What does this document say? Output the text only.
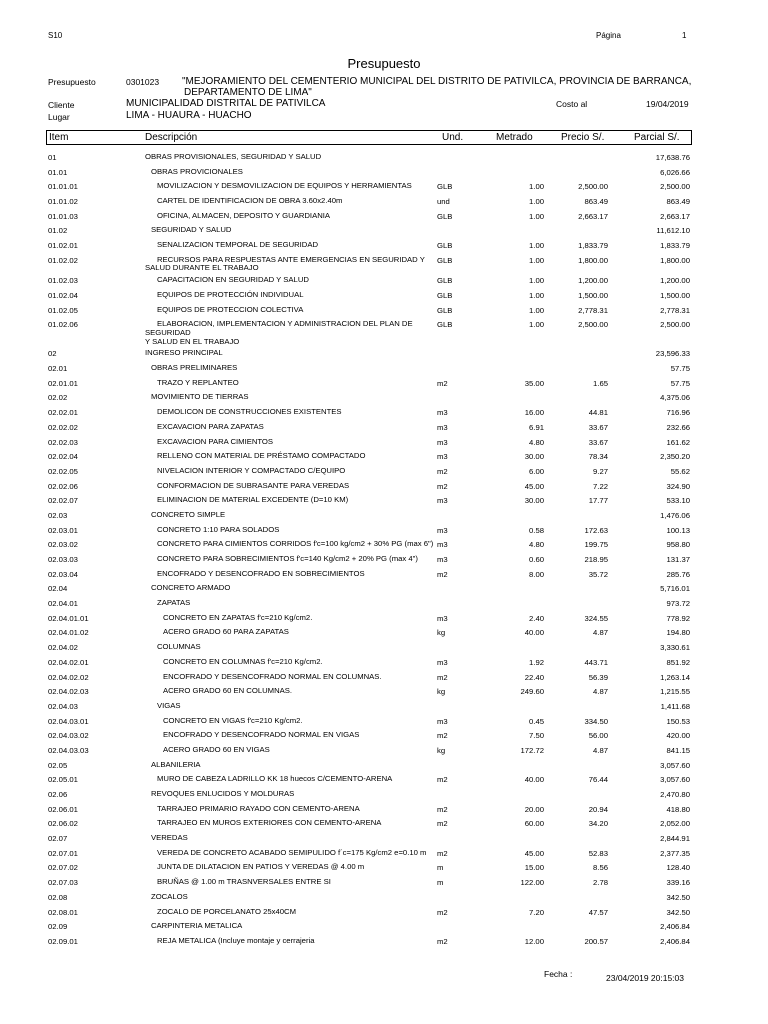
S10	Página	1
Presupuesto
Presupuesto	0301023 "MEJORAMIENTO DEL CEMENTERIO MUNICIPAL DEL DISTRITO DE PATIVILCA, PROVINCIA DE BARRANCA,
DEPARTAMENTO DE LIMA"
Cliente	MUNICIPALIDAD DISTRITAL DE PATIVILCA	Costo al	19/04/2019
Lugar	LIMA - HUAURA - HUACHO
Item	Descripción	Und.	Metrado	Precio S/.	Parcial S/.
01	OBRAS PROVISIONALES, SEGURIDAD Y SALUD	17,638.76
01.01	OBRAS PROVICIONALES	6,026.66
01.01.01	MOVILIZACION Y DESMOVILIZACION DE EQUIPOS Y HERRAMIENTAS	GLB	1.00	2,500.00	2,500.00
01.01.02	CARTEL DE IDENTIFICACION DE OBRA 3.60x2.40m	und	1.00	863.49	863.49
01.01.03	OFICINA, ALMACEN, DEPOSITO Y GUARDIANIA	GLB	1.00	2,663.17	2,663.17
01.02	SEGURIDAD Y SALUD	11,612.10
01.02.01	SENALIZACION TEMPORAL DE SEGURIDAD	GLB	1.00	1,833.79	1,833.79
01.02.02	RECURSOS PARA RESPUESTAS ANTE EMERGENCIAS EN SEGURIDAD Y
SALUD DURANTE EL TRABAJO
GLB	1.00	1,800.00	1,800.00
01.02.03	CAPACITACION EN SEGURIDAD Y SALUD	GLB	1.00	1,200.00	1,200.00
01.02.04	EQUIPOS DE PROTECCIÓN INDIVIDUAL	GLB	1.00	1,500.00	1,500.00
01.02.05	EQUIPOS DE PROTECCION COLECTIVA	GLB	1.00	2,778.31	2,778.31
01.02.06	ELABORACION, IMPLEMENTACION Y ADMINISTRACION DEL PLAN DE
SEGURIDAD
Y SALUD EN EL TRABAJO
GLB	1.00	2,500.00	2,500.00
02	INGRESO PRINCIPAL	23,596.33
02.01	OBRAS PRELIMINARES	57.75
02.01.01	TRAZO Y REPLANTEO	m2	35.00	1.65	57.75
02.02	MOVIMIENTO DE TIERRAS	4,375.06
02.02.01	DEMOLICON DE CONSTRUCCIONES EXISTENTES	m3	16.00	44.81	716.96
02.02.02	EXCAVACION PARA ZAPATAS	m3	6.91	33.67	232.66
02.02.03	EXCAVACION PARA CIMIENTOS	m3	4.80	33.67	161.62
02.02.04	RELLENO CON MATERIAL DE PRÉSTAMO COMPACTADO	m3	30.00	78.34	2,350.20
02.02.05	NIVELACION INTERIOR Y COMPACTADO C/EQUIPO	m2	6.00	9.27	55.62
02.02.06	CONFORMACION DE SUBRASANTE PARA VEREDAS	m2	45.00	7.22	324.90
02.02.07	ELIMINACION DE MATERIAL EXCEDENTE (D=10 KM)	m3	30.00	17.77	533.10
02.03	CONCRETO SIMPLE	1,476.06
02.03.01	CONCRETO 1:10 PARA SOLADOS	m3	0.58	172.63	100.13
02.03.02	CONCRETO PARA CIMIENTOS CORRIDOS f'c=100 kg/cm2 + 30% PG (max 6") m3	4.80	199.75	958.80
02.03.03	CONCRETO PARA SOBRECIMIENTOS f'c=140 Kg/cm2 + 20% PG (max 4") m3	0.60	218.95	131.37
02.03.04	ENCOFRADO Y DESENCOFRADO EN SOBRECIMIENTOS	m2	8.00	35.72	285.76
02.04	CONCRETO ARMADO	5,716.01
02.04.01	ZAPATAS	973.72
02.04.01.01	CONCRETO EN ZAPATAS f'c=210 Kg/cm2.	m3	2.40	324.55	778.92
02.04.01.02	ACERO GRADO 60 PARA ZAPATAS	kg	40.00	4.87	194.80
02.04.02	COLUMNAS	3,330.61
02.04.02.01	CONCRETO EN COLUMNAS f'c=210 Kg/cm2.	m3	1.92	443.71	851.92
02.04.02.02	ENCOFRADO Y DESENCOFRADO NORMAL EN COLUMNAS.	m2	22.40	56.39	1,263.14
02.04.02.03	ACERO GRADO 60 EN COLUMNAS.	kg	249.60	4.87	1,215.55
02.04.03	VIGAS	1,411.68
02.04.03.01	CONCRETO EN VIGAS f'c=210 Kg/cm2.	m3	0.45	334.50	150.53
02.04.03.02	ENCOFRADO Y DESENCOFRADO NORMAL EN VIGAS	m2	7.50	56.00	420.00
02.04.03.03	ACERO GRADO 60 EN VIGAS	kg	172.72	4.87	841.15
02.05	ALBANILERIA	3,057.60
02.05.01	MURO DE CABEZA LADRILLO KK 18 huecos C/CEMENTO-ARENA	m2	40.00	76.44	3,057.60
02.06	REVOQUES ENLUCIDOS Y MOLDURAS	2,470.80
02.06.01	TARRAJEO PRIMARIO RAYADO CON CEMENTO-ARENA	m2	20.00	20.94	418.80
02.06.02	TARRAJEO EN MUROS EXTERIORES CON CEMENTO-ARENA	m2	60.00	34.20	2,052.00
02.07	VEREDAS	2,844.91
02.07.01	VEREDA DE CONCRETO ACABADO SEMIPULIDO f´c=175 Kg/cm2 e=0.10 m m2	45.00	52.83	2,377.35
02.07.02	JUNTA DE DILATACION EN PATIOS Y VEREDAS @ 4.00 m	m	15.00	8.56	128.40
02.07.03	BRUÑAS @ 1.00 m TRASNVERSALES ENTRE SI	m	122.00	2.78	339.16
02.08	ZOCALOS	342.50
02.08.01	ZOCALO DE PORCELANATO 25x40CM	m2	7.20	47.57	342.50
02.09	CARPINTERIA METALICA	2,406.84
02.09.01	REJA METALICA (Incluye montaje y cerrajeria	m2	12.00	200.57	2,406.84
Fecha :	23/04/2019 20:15:03
